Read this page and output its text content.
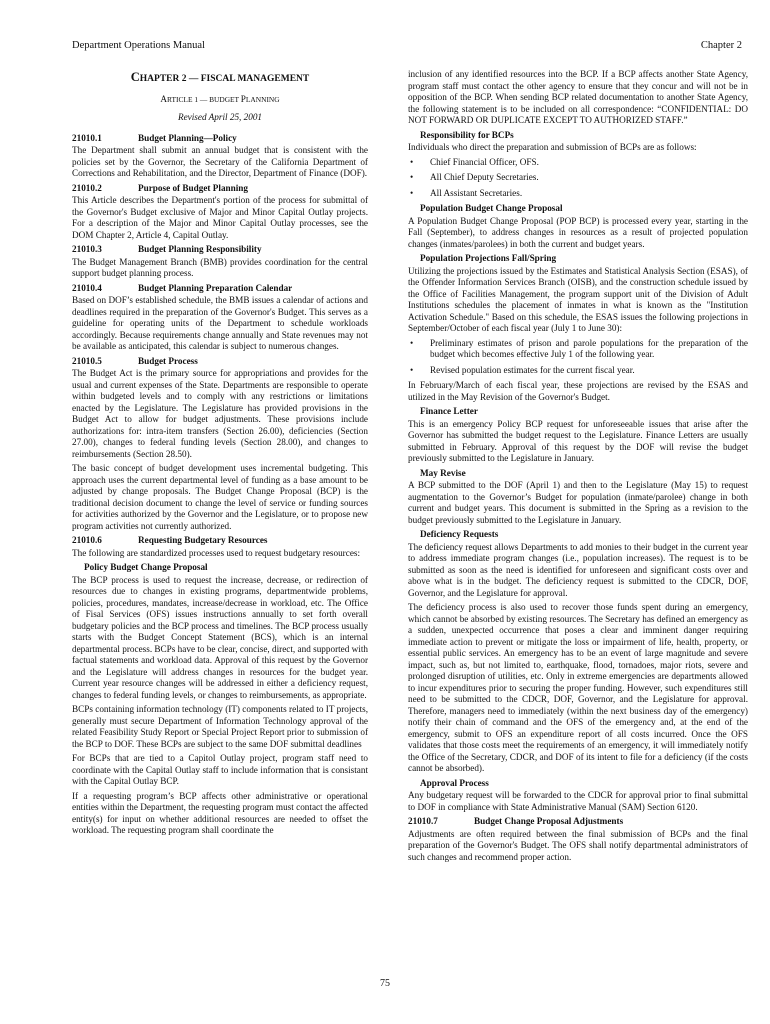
Department Operations Manual	Chapter 2
CHAPTER 2 — FISCAL MANAGEMENT
ARTICLE 1 — BUDGET PLANNING
Revised April 25, 2001
21010.1	Budget Planning—Policy

The Department shall submit an annual budget that is consistent with the policies set by the Governor, the Secretary of the California Department of Corrections and Rehabilitation, and the Director, Department of Finance (DOF).

21010.2	Purpose of Budget Planning

This Article describes the Department's portion of the process for submittal of the Governor's Budget exclusive of Major and Minor Capital Outlay projects. For a description of the Major and Minor Capital Outlay processes, see the DOM Chapter 2, Article 4, Capital Outlay.

21010.3	Budget Planning Responsibility

The Budget Management Branch (BMB) provides coordination for the central support budget planning process.

21010.4	Budget Planning Preparation Calendar

Based on DOF’s established schedule, the BMB issues a calendar of actions and deadlines required in the preparation of the Governor's Budget. This serves as a guideline for operating units of the Department to schedule workloads accordingly. Because requirements change annually and State revenues may not be available as anticipated, this calendar is subject to numerous changes.

21010.5	Budget Process

The Budget Act is the primary source for appropriations and provides for the usual and current expenses of the State. Departments are responsible to operate within budgeted levels and to comply with any restrictions or limitations enacted by the Legislature. The Legislature has provided provisions in the Budget Act to allow for budget adjustments. These provisions include authorizations for: intra-item transfers (Section 26.00), deficiencies (Section 27.00), changes to federal funding levels (Section 28.00), and changes to reimbursements (Section 28.50).

The basic concept of budget development uses incremental budgeting. This approach uses the current departmental level of funding as a base amount to be adjusted by change proposals. The Budget Change Proposal (BCP) is the traditional decision document to change the level of service or funding sources for activities authorized by the Governor and the Legislature, or to propose new program activities not currently authorized.

21010.6	Requesting Budgetary Resources

The following are standardized processes used to request budgetary resources:

Policy Budget Change Proposal

The BCP process is used to request the increase, decrease, or redirection of resources due to changes in existing programs, departmentwide problems, policies, procedures, mandates, increase/decrease in workload, etc. The Office of Fisal Services (OFS) issues instructions annually to set forth overall budgetary policies and the BCP process and timelines. The BCP process usually starts with the Budget Concept Statement (BCS), which is an internal departmental process. BCPs have to be clear, concise, direct, and supported with factual statements and workload data. Approval of this request by the Governor and the Legislature will address changes in resources for the budget year. Current year resource changes will be addressed in either a deficiency request, changes to federal funding levels, or changes to reimbursements, as appropriate.

BCPs containing information technology (IT) components related to IT projects, generally must secure Department of Information Technology approval of the related Feasibility Study Report or Special Project Report prior to submission of the BCP to DOF. These BCPs are subject to the same DOF submittal deadlines

For BCPs that are tied to a Capitol Outlay project, program staff need to coordinate with the Capital Outlay staff to include information that is consistant with the Capital Outlay BCP.

If a requesting program’s BCP affects other administrative or operational entities within the Department, the requesting program must contact the affected entity(s) for input on whether additional resources are needed to offset the workload. The requesting program shall coordinate the

inclusion of any identified resources into the BCP. If a BCP affects another State Agency, program staff must contact the other agency to ensure that they concur and will not be in opposition of the BCP. When sending BCP related documentation to another State Agency, the following statement is to be included on all correspondence: “CONFIDENTIAL: DO NOT FORWARD OR DUPLICATE EXCEPT TO AUTHORIZED STAFF.”

Responsibility for BCPs

Individuals who direct the preparation and submission of BCPs are as follows:

• Chief Financial Officer, OFS.
• All Chief Deputy Secretaries.
• All Assistant Secretaries.
Population Budget Change Proposal

A Population Budget Change Proposal (POP BCP) is processed every year, starting in the Fall (September), to address changes in resources as a result of projected population changes (inmates/parolees) in both the current and budget years.

Population Projections Fall/Spring

Utilizing the projections issued by the Estimates and Statistical Analysis Section (ESAS), of the Offender Information Services Branch (OISB), and the construction schedule issued by the Office of Facilities Management, the program support unit of the Division of Adult Institutions schedules the placement of inmates in what is known as the "Institution Activation Schedule." Based on this schedule, the ESAS issues the following projections in September/October of each fiscal year (July 1 to June 30):

• Preliminary estimates of prison and parole populations for the preparation of the budget which becomes effective July 1 of the following year.
• Revised population estimates for the current fiscal year.

In February/March of each fiscal year, these projections are revised by the ESAS and utilized in the May Revision of the Governor's Budget.

Finance Letter

This is an emergency Policy BCP request for unforeseeable issues that arise after the Governor has submitted the budget request to the Legislature. Finance Letters are usually submitted in February. Approval of this request by the DOF will revise the budget previously submitted to the Legislature in January.

May Revise

A BCP submitted to the DOF (April 1) and then to the Legislature (May 15) to request augmentation to the Governor’s Budget for population (inmate/parolee) change in both current and budget years. This document is submitted in the Spring as a revision to the budget previously submitted to the Legislature in January.

Deficiency Requests

The deficiency request allows Departments to add monies to their budget in the current year to address immediate program changes (i.e., population increases). The request is to be submitted as soon as the need is identified for unforeseen and significant costs over and above what is in the budget. The deficiency request is submitted to the CDCR, DOF, Governor, and the Legislature for approval.

The deficiency process is also used to recover those funds spent during an emergency, which cannot be absorbed by existing resources. The Secretary has defined an emergency as a sudden, unexpected occurrence that poses a clear and imminent danger requiring immediate action to prevent or mitigate the loss or impairment of life, health, property, or essential public services. An emergency has to be an event of large magnitude and severe impact, such as, but not limited to, earthquake, flood, tornadoes, major riots, severe and prolonged disruption of utilities, etc. Only in extreme emergencies are departments allowed to incur expenditures prior to securing the proper funding. However, such expenditures still need to be submitted to the CDCR, DOF, Governor, and the Legislature for approval. Therefore, managers need to immediately (within the next business day of the emergency) notify their chain of command and the OFS of the emergency and, at the end of the emergency, submit to OFS an expenditure report of all costs incurred. Once the OFS validates that those costs meet the requirements of an emergency, it will immediately notify the Office of the Secretary, CDCR, and DOF of its intent to file for a deficiency (if the costs cannot be absorbed).

Approval Process

Any budgetary request will be forwarded to the CDCR for approval prior to final submittal to DOF in compliance with State Administrative Manual (SAM) Section 6120.

21010.7	Budget Change Proposal Adjustments

Adjustments are often required between the final submission of BCPs and the final preparation of the Governor's Budget. The OFS shall notify departmental administrators of such changes and recommend proper action.

75
